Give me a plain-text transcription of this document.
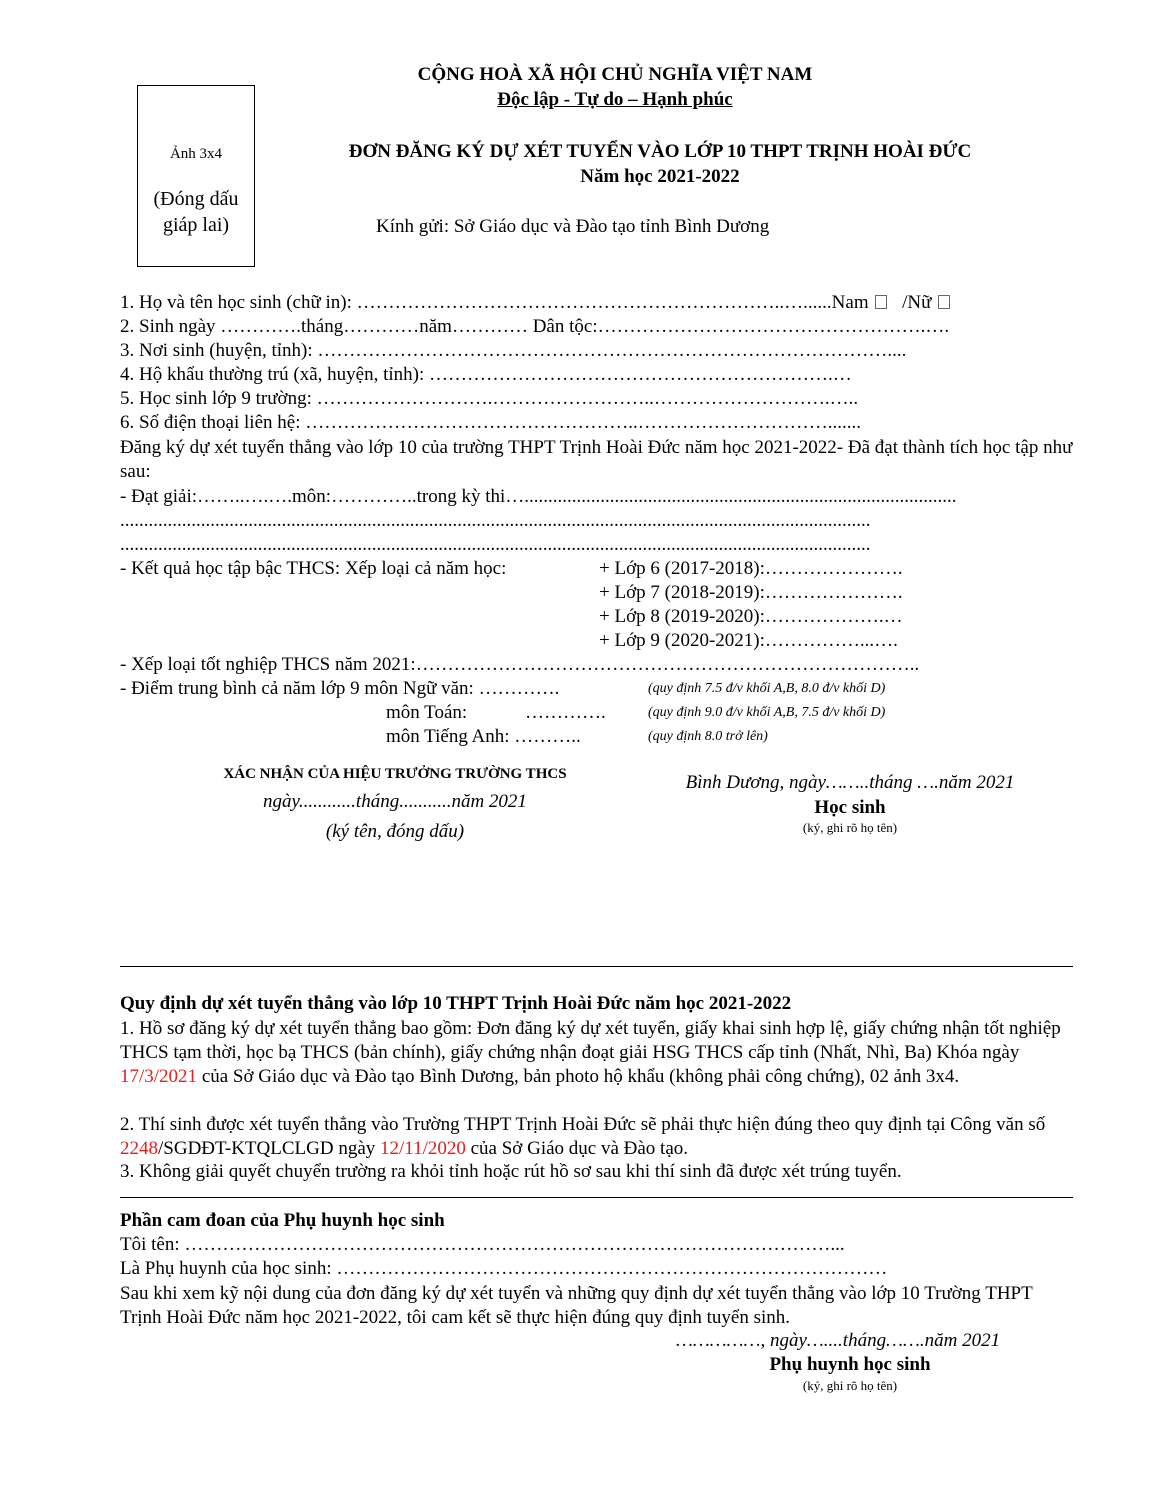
Ảnh 3x4
(Đóng dấu giáp lai)
CỘNG HOÀ XÃ HỘI CHỦ NGHĨA VIỆT NAM
Độc lập - Tự do – Hạnh phúc
ĐƠN ĐĂNG KÝ DỰ XÉT TUYỂN VÀO LỚP 10 THPT TRỊNH HOÀI ĐỨC
Năm học 2021-2022
Kính gửi: Sở Giáo dục và Đào tạo tỉnh Bình Dương
1. Họ và tên học sinh (chữ in): …………………………………………………………..…......Nam /Nữ
2. Sinh ngày ………….tháng…………năm………… Dân tộc:…………………………………………….….
3. Nơi sinh (huyện, tỉnh): ………………………………………………………………………………....
4. Hộ khẩu thường trú (xã, huyện, tỉnh): ……………………………………………………….…
5. Học sinh lớp 9 trường: ……………………….……………………..……………………….…..
6. Số điện thoại liên hệ: ……………………………………………..………………………….......
Đăng ký dự xét tuyển thẳng vào lớp 10 của trường THPT Trịnh Hoài Đức năm học 2021-2022- Đã đạt thành tích học tập như sau:
- Đạt giải:……..….….môn:…………..trong kỳ thi…...........................................................................................
..............................................................................................................................................................
..............................................................................................................................................................
- Kết quả học tập bậc THCS: Xếp loại cả năm học:	+ Lớp 6 (2017-2018):………………….
+ Lớp 7 (2018-2019):………………….
+ Lớp 8 (2019-2020):……………….…
+ Lớp 9 (2020-2021):……………...….
- Xếp loại tốt nghiệp THCS năm 2021:……………………………………………………………………..
- Điểm trung bình cả năm lớp 9 môn Ngữ văn: ………….	(quy định 7.5 đ/v khối A,B, 8.0 đ/v khối D)
môn Toán:	………….	(quy định 9.0 đ/v khối A,B, 7.5 đ/v khối D)
môn Tiếng Anh: ………..	(quy định 8.0 trở lên)
XÁC NHẬN CỦA HIỆU TRƯỞNG TRƯỜNG THCS
ngày............tháng...........năm 2021
(ký tên, đóng dấu)
Bình Dương, ngày……..tháng ….năm 2021
Học sinh
(ký, ghi rõ họ tên)
Quy định dự xét tuyển thẳng vào lớp 10 THPT Trịnh Hoài Đức năm học 2021-2022
1. Hồ sơ đăng ký dự xét tuyển thẳng bao gồm: Đơn đăng ký dự xét tuyển, giấy khai sinh hợp lệ, giấy chứng nhận tốt nghiệp THCS tạm thời, học bạ THCS (bản chính), giấy chứng nhận đoạt giải HSG THCS cấp tỉnh (Nhất, Nhì, Ba) Khóa ngày 17/3/2021 của Sở Giáo dục và Đào tạo Bình Dương, bản photo hộ khẩu (không phải công chứng), 02 ảnh 3x4.
2. Thí sinh được xét tuyển thẳng vào Trường THPT Trịnh Hoài Đức sẽ phải thực hiện đúng theo quy định tại Công văn số 2248/SGDĐT-KTQLCLGD ngày 12/11/2020 của Sở Giáo dục và Đào tạo.
3. Không giải quyết chuyển trường ra khỏi tỉnh hoặc rút hồ sơ sau khi thí sinh đã được xét trúng tuyển.
Phần cam đoan của Phụ huynh học sinh
Tôi tên: …………………………………………………………………………………………...
Là Phụ huynh của học sinh: ……………………………………………………………………………
Sau khi xem kỹ nội dung của đơn đăng ký dự xét tuyển và những quy định dự xét tuyển thẳng vào lớp 10 Trường THPT Trịnh Hoài Đức năm học 2021-2022, tôi cam kết sẽ thực hiện đúng quy định tuyển sinh.
……………, ngày…....tháng…….năm 2021
Phụ huynh học sinh
(ký, ghi rõ họ tên)
